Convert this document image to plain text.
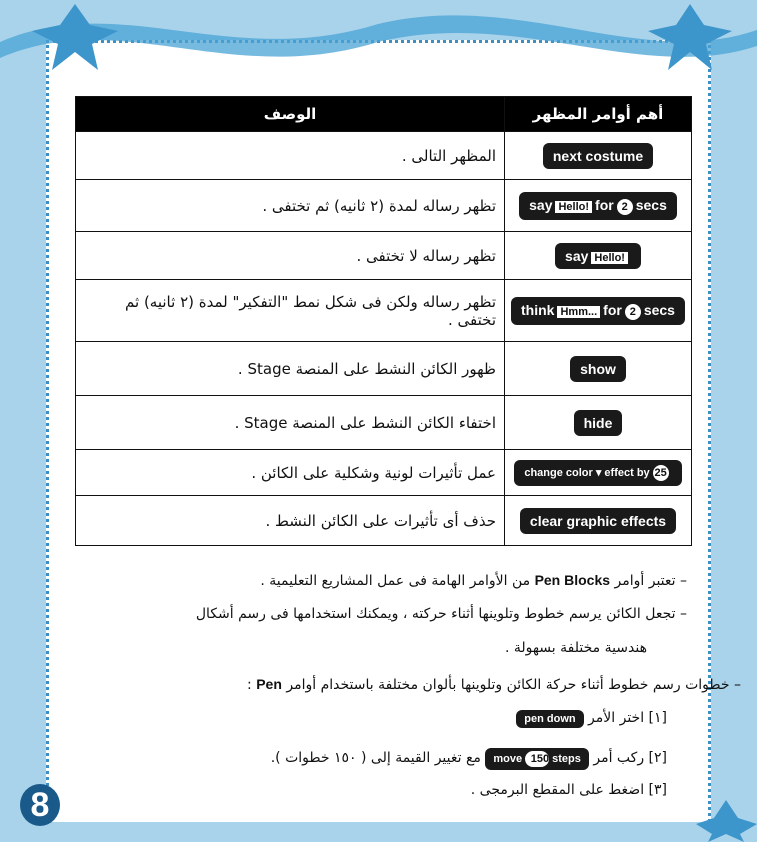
أهم أوامر المظهر	الوصف
next costume	المظهر التالى .
say Hello! for 2 secs	تظهر رساله لمدة (٢ ثانيه) ثم تختفى .
say Hello!	تظهر رساله لا تختفى .
think Hmm... for 2 secs	تظهر رساله ولكن فى شكل نمط "التفكير" لمدة (٢ ثانيه) ثم تختفى .
show	ظهور الكائن النشط على المنصة Stage .
hide	اختفاء الكائن النشط على المنصة Stage .
change color ▾ effect by 25	عمل تأثيرات لونية وشكلية على الكائن .
clear graphic effects	حذف أى تأثيرات على الكائن النشط .
– تعتبر أوامر Pen Blocks من الأوامر الهامة فى عمل المشاريع التعليمية .
– تجعل الكائن يرسم خطوط وتلوينها أثناء حركته ، ويمكنك استخدامها فى رسم أشكال
هندسية مختلفة بسهولة .
– خطوات رسم خطوط أثناء حركة الكائن وتلوينها بألوان مختلفة باستخدام أوامر Pen :
[١] اختر الأمر pen down
[٢] ركب أمر move 150 steps مع تغيير القيمة إلى ( ١٥٠ خطوات ).
[٣] اضغط على المقطع البرمجى .
8
